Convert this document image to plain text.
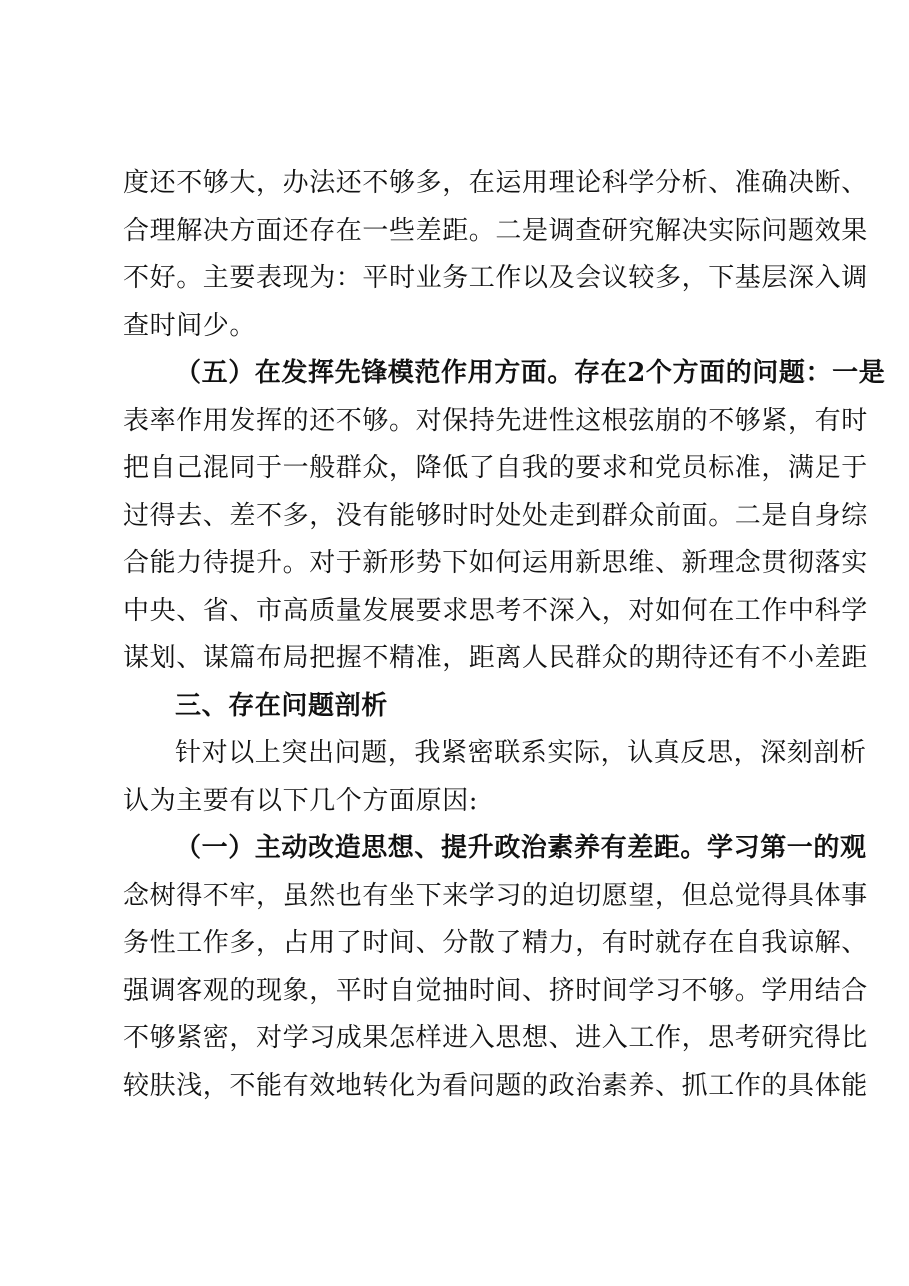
度还不够大，办法还不够多，在运用理论科学分析、准确决断、
合理解决方面还存在一些差距。二是调查研究解决实际问题效果
不好。主要表现为：平时业务工作以及会议较多，下基层深入调
查时间少。
（五）在发挥先锋模范作用方面。存在2个方面的问题：一是
表率作用发挥的还不够。对保持先进性这根弦崩的不够紧，有时
把自己混同于一般群众，降低了自我的要求和党员标准，满足于
过得去、差不多，没有能够时时处处走到群众前面。二是自身综
合能力待提升。对于新形势下如何运用新思维、新理念贯彻落实
中央、省、市高质量发展要求思考不深入，对如何在工作中科学
谋划、谋篇布局把握不精准，距离人民群众的期待还有不小差距
三、存在问题剖析
针对以上突出问题，我紧密联系实际，认真反思，深刻剖析
认为主要有以下几个方面原因:
（一）主动改造思想、提升政治素养有差距。学习第一的观
念树得不牢，虽然也有坐下来学习的迫切愿望，但总觉得具体事
务性工作多，占用了时间、分散了精力，有时就存在自我谅解、
强调客观的现象，平时自觉抽时间、挤时间学习不够。学用结合
不够紧密，对学习成果怎样进入思想、进入工作，思考研究得比
较肤浅，不能有效地转化为看问题的政治素养、抓工作的具体能
